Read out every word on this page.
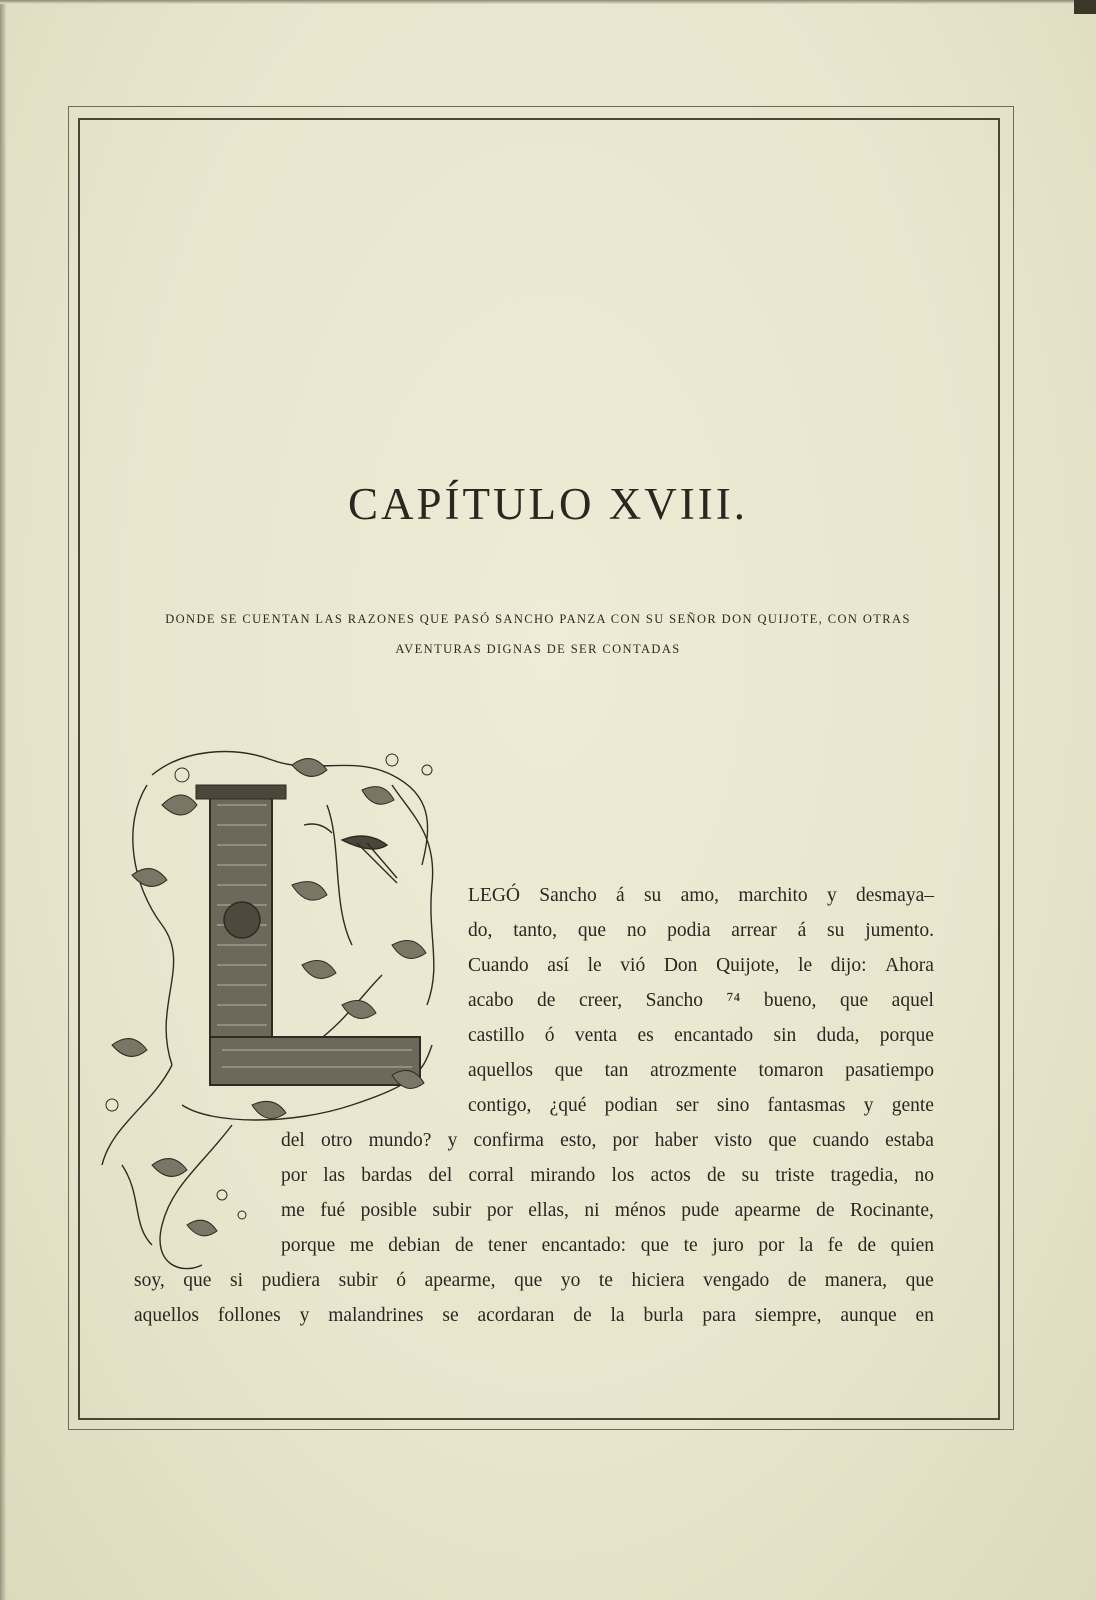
CAPÍTULO XVIII.
DONDE SE CUENTAN LAS RAZONES QUE PASÓ SANCHO PANZA CON SU SEÑOR DON QUIJOTE, CON OTRAS
AVENTURAS DIGNAS DE SER CONTADAS
LEGÓ Sancho á su amo, marchito y desmaya–
do, tanto, que no podia arrear á su jumento.
Cuando así le vió Don Quijote, le dijo: Ahora
acabo de creer, Sancho ⁷⁴ bueno, que aquel
castillo ó venta es encantado sin duda, porque
aquellos que tan atrozmente tomaron pasatiempo
contigo, ¿qué podian ser sino fantasmas y gente
del otro mundo? y confirma esto, por haber visto que cuando estaba
por las bardas del corral mirando los actos de su triste tragedia, no
me fué posible subir por ellas, ni ménos pude apearme de Rocinante,
porque me debian de tener encantado: que te juro por la fe de quien
soy, que si pudiera subir ó apearme, que yo te hiciera vengado de manera, que
aquellos follones y malandrines se acordaran de la burla para siempre, aunque en
